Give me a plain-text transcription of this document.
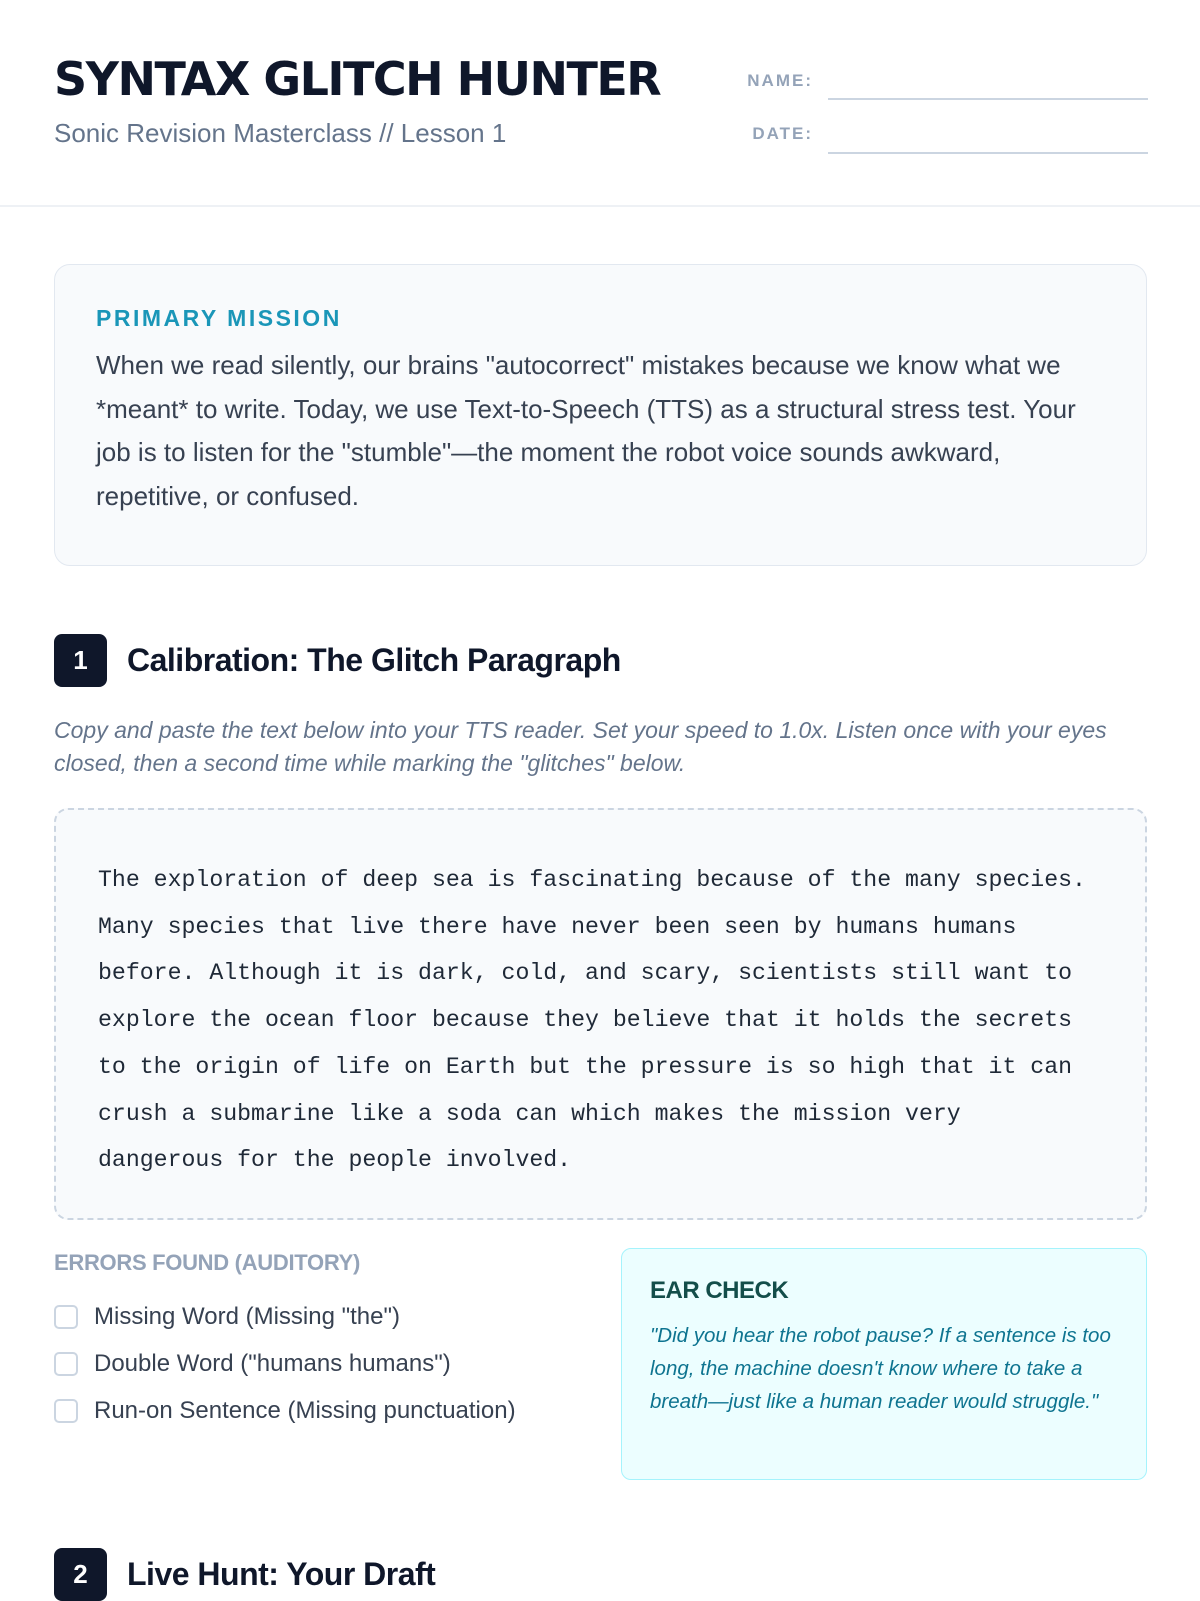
SYNTAX GLITCH HUNTER
Sonic Revision Masterclass // Lesson 1
NAME:
DATE:
PRIMARY MISSION

When we read silently, our brains "autocorrect" mistakes because we know what we *meant* to write. Today, we use Text-to-Speech (TTS) as a structural stress test. Your job is to listen for the "stumble"—the moment the robot voice sounds awkward, repetitive, or confused.

1	Calibration: The Glitch Paragraph
Copy and paste the text below into your TTS reader. Set your speed to 1.0x. Listen once with your eyes closed, then a second time while marking the "glitches" below.
The exploration of deep sea is fascinating because of the many species.
Many species that live there have never been seen by humans humans
before. Although it is dark, cold, and scary, scientists still want to
explore the ocean floor because they believe that it holds the secrets
to the origin of life on Earth but the pressure is so high that it can
crush a submarine like a soda can which makes the mission very
dangerous for the people involved.
ERRORS FOUND (AUDITORY)
Missing Word (Missing "the")
Double Word ("humans humans")
Run-on Sentence (Missing punctuation)
EAR CHECK

"Did you hear the robot pause? If a sentence is too long, the machine doesn't know where to take a breath—just like a human reader would struggle."

2	Live Hunt: Your Draft
